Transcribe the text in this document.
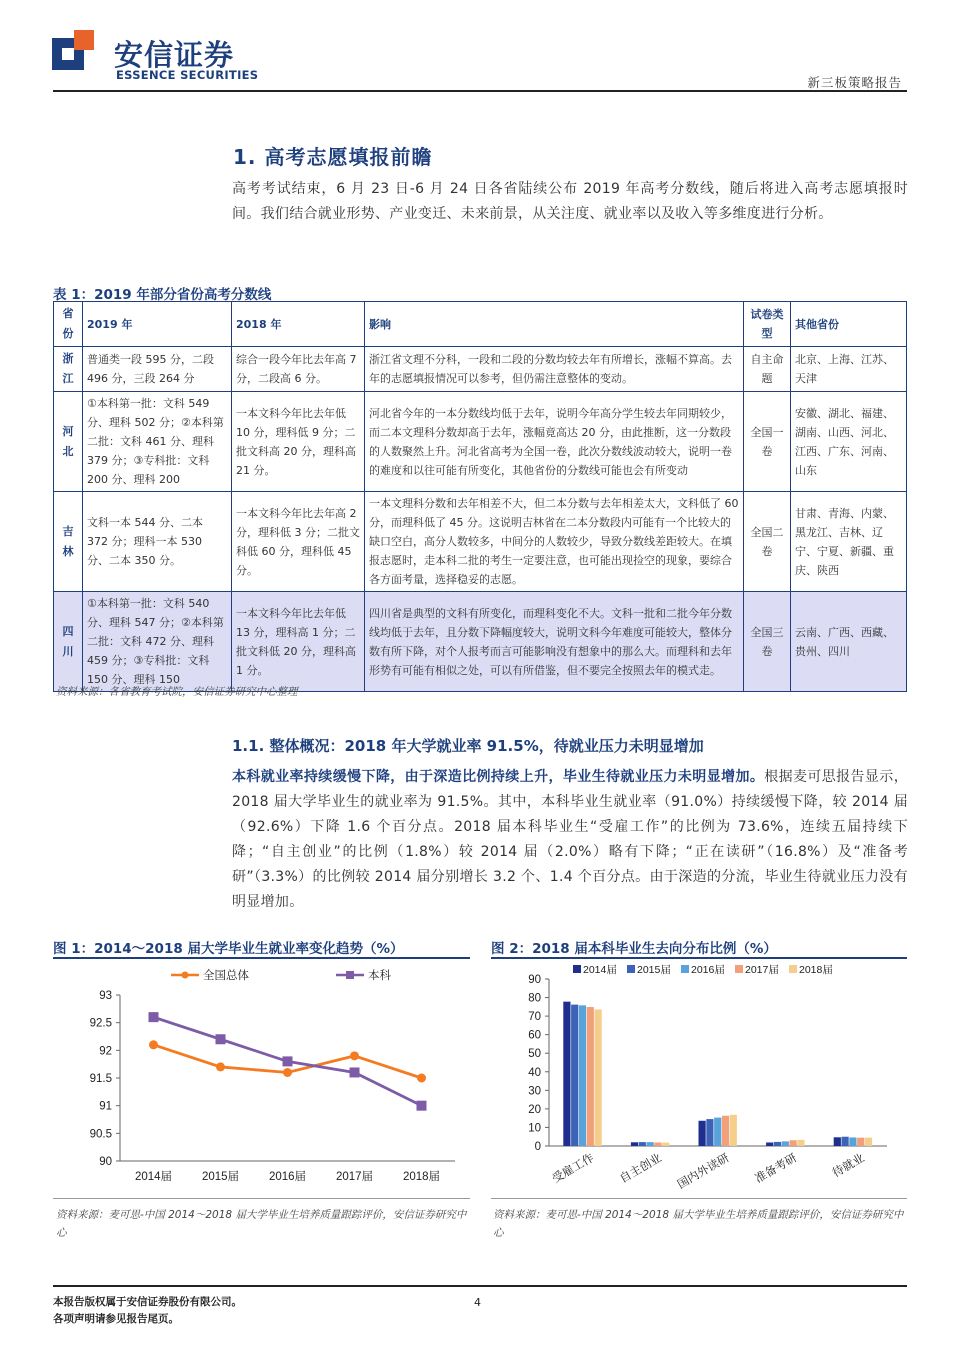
安信证券
ESSENCE SECURITIES	新三板策略报告
1. 高考志愿填报前瞻
高考考试结束，6 月 23 日-6 月 24 日各省陆续公布 2019 年高考分数线，随后将进入高考志愿填报时间。我们结合就业形势、产业变迁、未来前景，从关注度、就业率以及收入等多维度进行分析。
表 1：2019 年部分省份高考分数线
省份	2019 年	2018 年	影响	试卷类型	其他省份
浙江	普通类一段 595 分，二段 496 分，三段 264 分	综合一段今年比去年高 7 分，二段高 6 分。	浙江省文理不分科，一段和二段的分数均较去年有所增长，涨幅不算高。去年的志愿填报情况可以参考，但仍需注意整体的变动。	自主命题	北京、上海、江苏、天津
河北	①本科第一批：文科 549 分、理科 502 分；②本科第二批：文科 461 分、理科 379 分；③专科批：文科 200 分、理科 200	一本文科今年比去年低 10 分，理科低 9 分；二批文科高 20 分，理科高 21 分。	河北省今年的一本分数线均低于去年，说明今年高分学生较去年同期较少，而二本文理科分数却高于去年，涨幅竟高达 20 分，由此推断，这一分数段的人数聚然上升。河北省高考为全国一卷，此次分数线波动较大，说明一卷的难度和以往可能有所变化，其他省份的分数线可能也会有所变动	全国一卷	安徽、湖北、福建、湖南、山西、河北、江西、广东、河南、山东
吉林	文科一本 544 分、二本 372 分；理科一本 530 分、二本 350 分。	一本文科今年比去年高 2 分，理科低 3 分；二批文科低 60 分，理科低 45 分。	一本文理科分数和去年相差不大，但二本分数与去年相差太大，文科低了 60 分，而理科低了 45 分。这说明吉林省在二本分数段内可能有一个比较大的缺口空白，高分人数较多，中间分的人数较少，导致分数线差距较大。在填报志愿时，走本科二批的考生一定要注意，也可能出现捡空的现象，要综合各方面考量，选择稳妥的志愿。	全国二卷	甘肃、青海、内蒙、黑龙江、吉林、辽宁、宁夏、新疆、重庆、陕西
四川	①本科第一批：文科 540 分、理科 547 分；②本科第二批：文科 472 分、理科 459 分；③专科批：文科 150 分、理科 150	一本文科今年比去年低 13 分，理科高 1 分；二批文科低 20 分，理科高 1 分。	四川省是典型的文科有所变化，而理科变化不大。文科一批和二批今年分数线均低于去年，且分数下降幅度较大，说明文科今年难度可能较大，整体分数有所下降，对个人报考而言可能影响没有想象中的那么大。而理科和去年形势有可能有相似之处，可以有所借鉴，但不要完全按照去年的模式走。	全国三卷	云南、广西、西藏、贵州、四川
资料来源：各省教育考试院，安信证券研究中心整理
1.1. 整体概况：2018 年大学就业率 91.5%，待就业压力未明显增加
本科就业率持续缓慢下降，由于深造比例持续上升，毕业生待就业压力未明显增加。根据麦可思报告显示，2018 届大学毕业生的就业率为 91.5%。其中，本科毕业生就业率（91.0%）持续缓慢下降，较 2014 届（92.6%）下降 1.6 个百分点。2018 届本科毕业生“受雇工作”的比例为 73.6%，连续五届持续下降；“自主创业”的比例（1.8%）较 2014 届（2.0%）略有下降；“正在读研”（16.8%）及“准备考研”（3.3%）的比例较 2014 届分别增长 3.2 个、1.4 个百分点。由于深造的分流，毕业生待就业压力没有明显增加。
图 1：2014～2018 届大学毕业生就业率变化趋势（%）
90
90.5
91
91.5
92
92.5
93
2014届	2015届	2016届	2017届	2018届
全国总体	本科
资料来源：麦可思-中国 2014～2018 届大学毕业生培养质量跟踪评价，安信证券研究中心
图 2：2018 届本科毕业生去向分布比例（%）
0
10
20
30
40
50
60
70
80
90
2014届 2015届 2016届 2017届 2018届
受雇工作 自主创业 国内外读研 准备考研	待就业
资料来源：麦可思-中国 2014～2018 届大学毕业生培养质量跟踪评价，安信证券研究中心
本报告版权属于安信证券股份有限公司。
各项声明请参见报告尾页。
4
